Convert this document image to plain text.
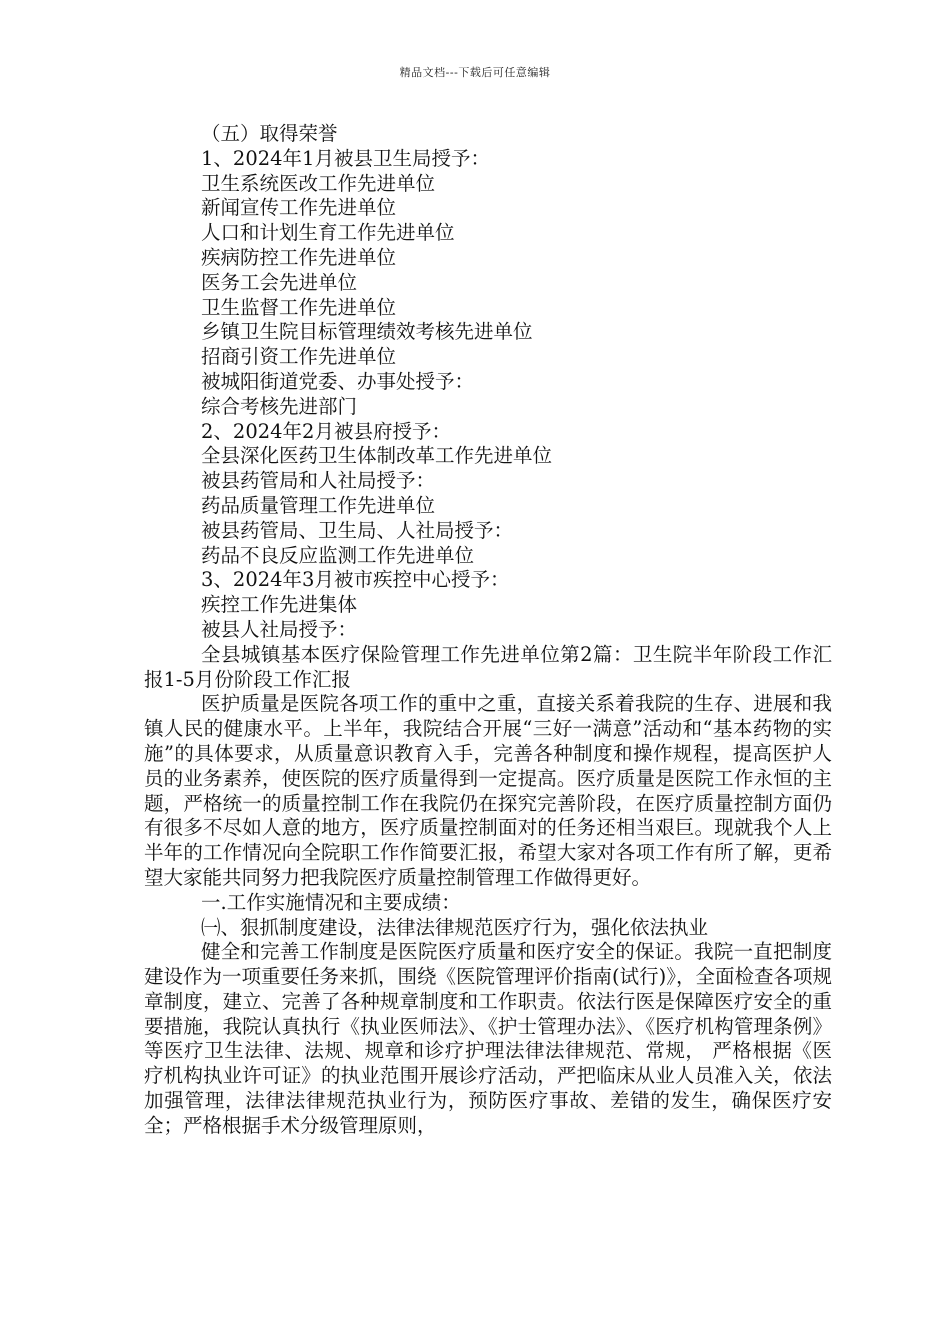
精品文档---下载后可任意编辑

（五）取得荣誉

1、2024年1月被县卫生局授予：

卫生系统医改工作先进单位

新闻宣传工作先进单位

人口和计划生育工作先进单位

疾病防控工作先进单位

医务工会先进单位

卫生监督工作先进单位

乡镇卫生院目标管理绩效考核先进单位

招商引资工作先进单位

被城阳街道党委、办事处授予：

综合考核先进部门

2、2024年2月被县府授予：

全县深化医药卫生体制改革工作先进单位

被县药管局和人社局授予：

药品质量管理工作先进单位

被县药管局、卫生局、人社局授予：

药品不良反应监测工作先进单位

3、2024年3月被市疾控中心授予：

疾控工作先进集体

被县人社局授予：

全县城镇基本医疗保险管理工作先进单位第2篇：卫生院半年阶段工作汇报1-5月份阶段工作汇报

医护质量是医院各项工作的重中之重，直接关系着我院的生存、进展和我镇人民的健康水平。上半年，我院结合开展“三好一满意”活动和“基本药物的实施”的具体要求，从质量意识教育入手，完善各种制度和操作规程，提高医护人员的业务素养，使医院的医疗质量得到一定提高。医疗质量是医院工作永恒的主题，严格统一的质量控制工作在我院仍在探究完善阶段，在医疗质量控制方面仍有很多不尽如人意的地方，医疗质量控制面对的任务还相当艰巨。现就我个人上半年的工作情况向全院职工作作简要汇报，希望大家对各项工作有所了解，更希望大家能共同努力把我院医疗质量控制管理工作做得更好。

一.工作实施情况和主要成绩：

㈠、狠抓制度建设，法律法律规范医疗行为，强化依法执业

健全和完善工作制度是医院医疗质量和医疗安全的保证。我院一直把制度建设作为一项重要任务来抓，围绕《医院管理评价指南(试行)》，全面检查各项规章制度，建立、完善了各种规章制度和工作职责。依法行医是保障医疗安全的重要措施，我院认真执行《执业医师法》、《护士管理办法》、《医疗机构管理条例》等医疗卫生法律、法规、规章和诊疗护理法律法律规范、常规， 严格根据《医疗机构执业许可证》的执业范围开展诊疗活动，严把临床从业人员准入关，依法加强管理，法律法律规范执业行为，预防医疗事故、差错的发生，确保医疗安全；严格根据手术分级管理原则，
